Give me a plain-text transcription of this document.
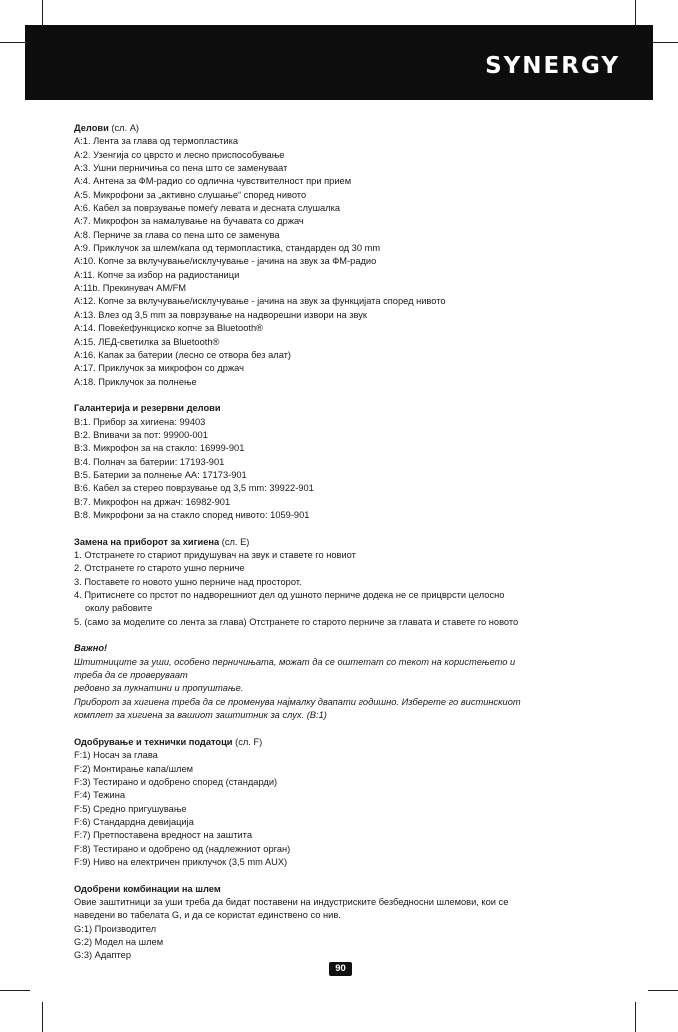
SYNERGY
Делови (сл. A)
A:1. Лента за глава од термопластика
A:2. Узенгија со цврсто и лесно приспособување
A:3. Ушни перничиња со пена што се заменуваат
A:4. Антена за ФМ-радио со одлична чувствителност при прием
A:5. Микрофони за „активно слушање“ според нивото
A:6. Кабел за поврзување помеѓу левата и десната слушалка
A:7. Микрофон за намалување на бучавата со држач
A:8. Перниче за глава со пена што се заменува
A:9. Приклучок за шлем/капа од термопластика, стандарден од 30 mm
A:10. Копче за вклучување/исклучување - јачина на звук за ФМ-радио
A:11. Копче за избор на радиостаници
A:11b. Прекинувач AM/FM
A:12. Копче за вклучување/исклучување - јачина на звук за функцијата според нивото
A:13. Влез од 3,5 mm за поврзување на надворешни извори на звук
A:14. Повеќефункциско копче за Bluetooth®
A:15. ЛЕД-светилка за Bluetooth®
A:16. Капак за батерии (лесно се отвора без алат)
A:17. Приклучок за микрофон со држач
A:18. Приклучок за полнење
Галантерија и резервни делови
B:1. Прибор за хигиена: 99403
B:2. Впивачи за пот: 99900-001
B:3. Микрофон за на стакло: 16999-901
B:4. Полнач за батерии: 17193-901
B:5. Батерии за полнење AA: 17173-901
B:6. Кабел за стерео поврзување од 3,5 mm: 39922-901
B:7. Микрофон на држач: 16982-901
B:8. Микрофони за на стакло според нивото: 1059-901
Замена на приборот за хигиена (сл. E)
1. Отстранете го стариот придушувач на звук и ставете го новиот
2. Отстранете го старото ушно перниче
3. Поставете го новото ушно перниче над просторот.
4. Притиснете со прстот по надворешниот дел од ушното перниче додека не се прицврсти целосно
околу рабовите
5. (само за моделите со лента за глава) Отстранете го старото перниче за главата и ставете го новото
Важно!
Штитниците за уши, особено перничињата, можат да се оштетат со текот на користењето и
треба да се проверуваат
редовно за пукнатини и пропуштање.
Приборот за хигиена треба да се променува најмалку двапати годишно. Изберете го вистинскиот
комплет за хигиена за вашиот заштитник за слух. (B:1)
Одобрување и технички податоци (сл. F)
F:1) Носач за глава
F:2) Монтирање капа/шлем
F:3) Тестирано и одобрено според (стандарди)
F:4) Тежина
F:5) Средно пригушување
F:6) Стандардна девијација
F:7) Претпоставена вредност на заштита
F:8) Тестирано и одобрено од (надлежниот орган)
F:9) Ниво на електричен приклучок (3,5 mm AUX)
Одобрени комбинации на шлем
Овие заштитници за уши треба да бидат поставени на индустриските безбедносни шлемови, кои се
наведени во табелата G, и да се користат единствено со нив.
G:1) Производител
G:2) Модел на шлем
G:3) Адаптер
90
